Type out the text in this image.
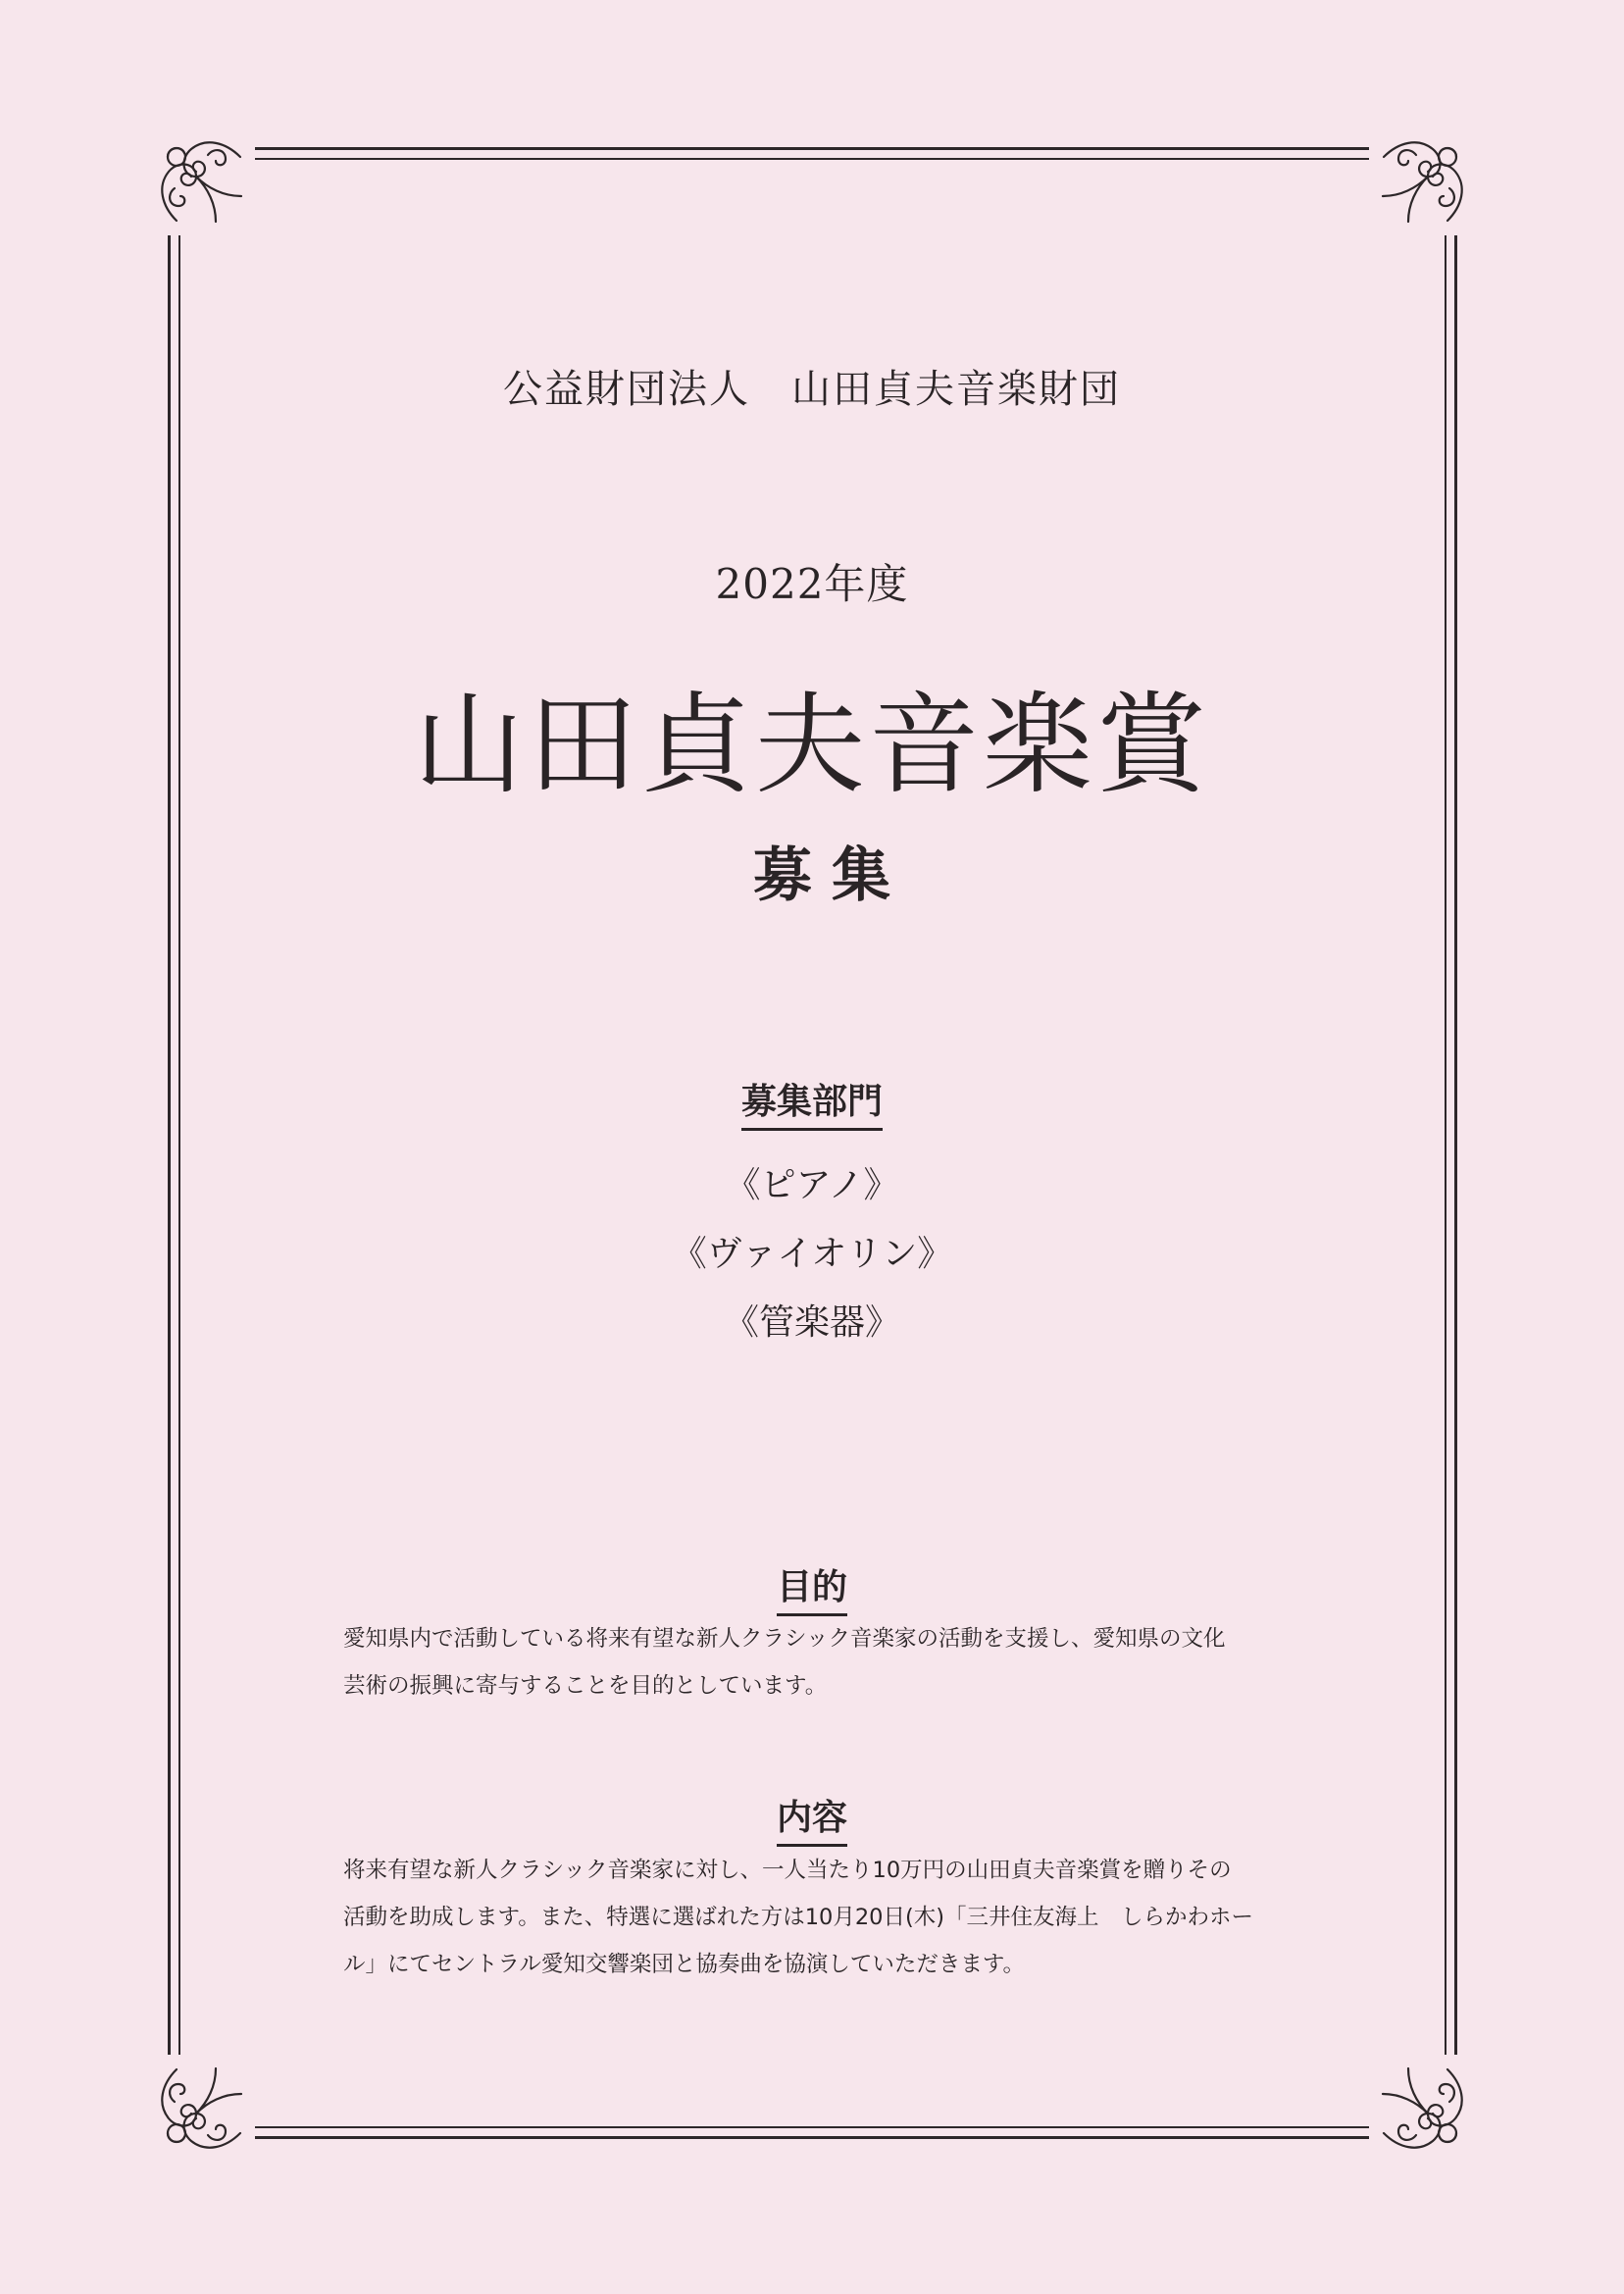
公益財団法人　山田貞夫音楽財団
2022年度
山田貞夫音楽賞
募集
募集部門
《ピアノ》
《ヴァイオリン》
《管楽器》
目的
愛知県内で活動している将来有望な新人クラシック音楽家の活動を支援し、愛知県の文化
芸術の振興に寄与することを目的としています。
内容
将来有望な新人クラシック音楽家に対し、一人当たり10万円の山田貞夫音楽賞を贈りその
活動を助成します。また、特選に選ばれた方は10月20日(木)「三井住友海上　しらかわホー
ル」にてセントラル愛知交響楽団と協奏曲を協演していただきます。
